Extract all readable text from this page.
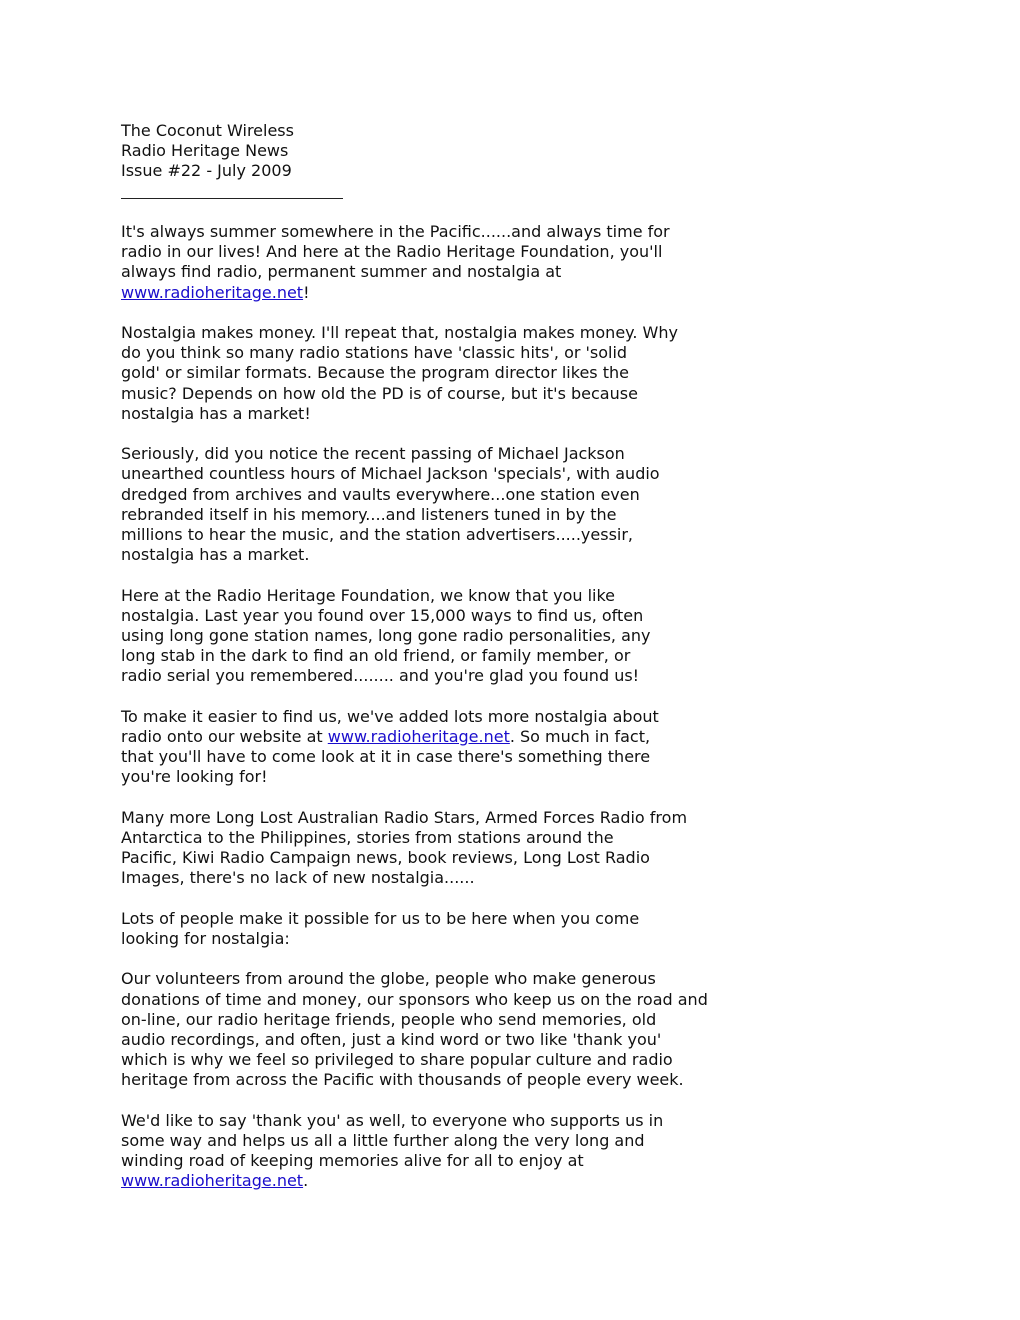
The Coconut Wireless
Radio Heritage News
Issue #22 - July 2009

It's always summer somewhere in the Pacific......and always time for
radio in our lives! And here at the Radio Heritage Foundation, you'll
always find radio, permanent summer and nostalgia at
www.radioheritage.net!

Nostalgia makes money. I'll repeat that, nostalgia makes money. Why
do you think so many radio stations have 'classic hits', or 'solid
gold' or similar formats. Because the program director likes the
music? Depends on how old the PD is of course, but it's because
nostalgia has a market!

Seriously, did you notice the recent passing of Michael Jackson
unearthed countless hours of Michael Jackson 'specials', with audio
dredged from archives and vaults everywhere...one station even
rebranded itself in his memory....and listeners tuned in by the
millions to hear the music, and the station advertisers.....yessir,
nostalgia has a market.

Here at the Radio Heritage Foundation, we know that you like
nostalgia. Last year you found over 15,000 ways to find us, often
using long gone station names, long gone radio personalities, any
long stab in the dark to find an old friend, or family member, or
radio serial you remembered........ and you're glad you found us!

To make it easier to find us, we've added lots more nostalgia about
radio onto our website at www.radioheritage.net. So much in fact,
that you'll have to come look at it in case there's something there
you're looking for!

Many more Long Lost Australian Radio Stars, Armed Forces Radio from
Antarctica to the Philippines, stories from stations around the
Pacific, Kiwi Radio Campaign news, book reviews, Long Lost Radio
Images, there's no lack of new nostalgia......

Lots of people make it possible for us to be here when you come
looking for nostalgia:

Our volunteers from around the globe, people who make generous
donations of time and money, our sponsors who keep us on the road and
on-line, our radio heritage friends, people who send memories, old
audio recordings, and often, just a kind word or two like 'thank you'
which is why we feel so privileged to share popular culture and radio
heritage from across the Pacific with thousands of people every week.

We'd like to say 'thank you' as well, to everyone who supports us in
some way and helps us all a little further along the very long and
winding road of keeping memories alive for all to enjoy at
www.radioheritage.net.
